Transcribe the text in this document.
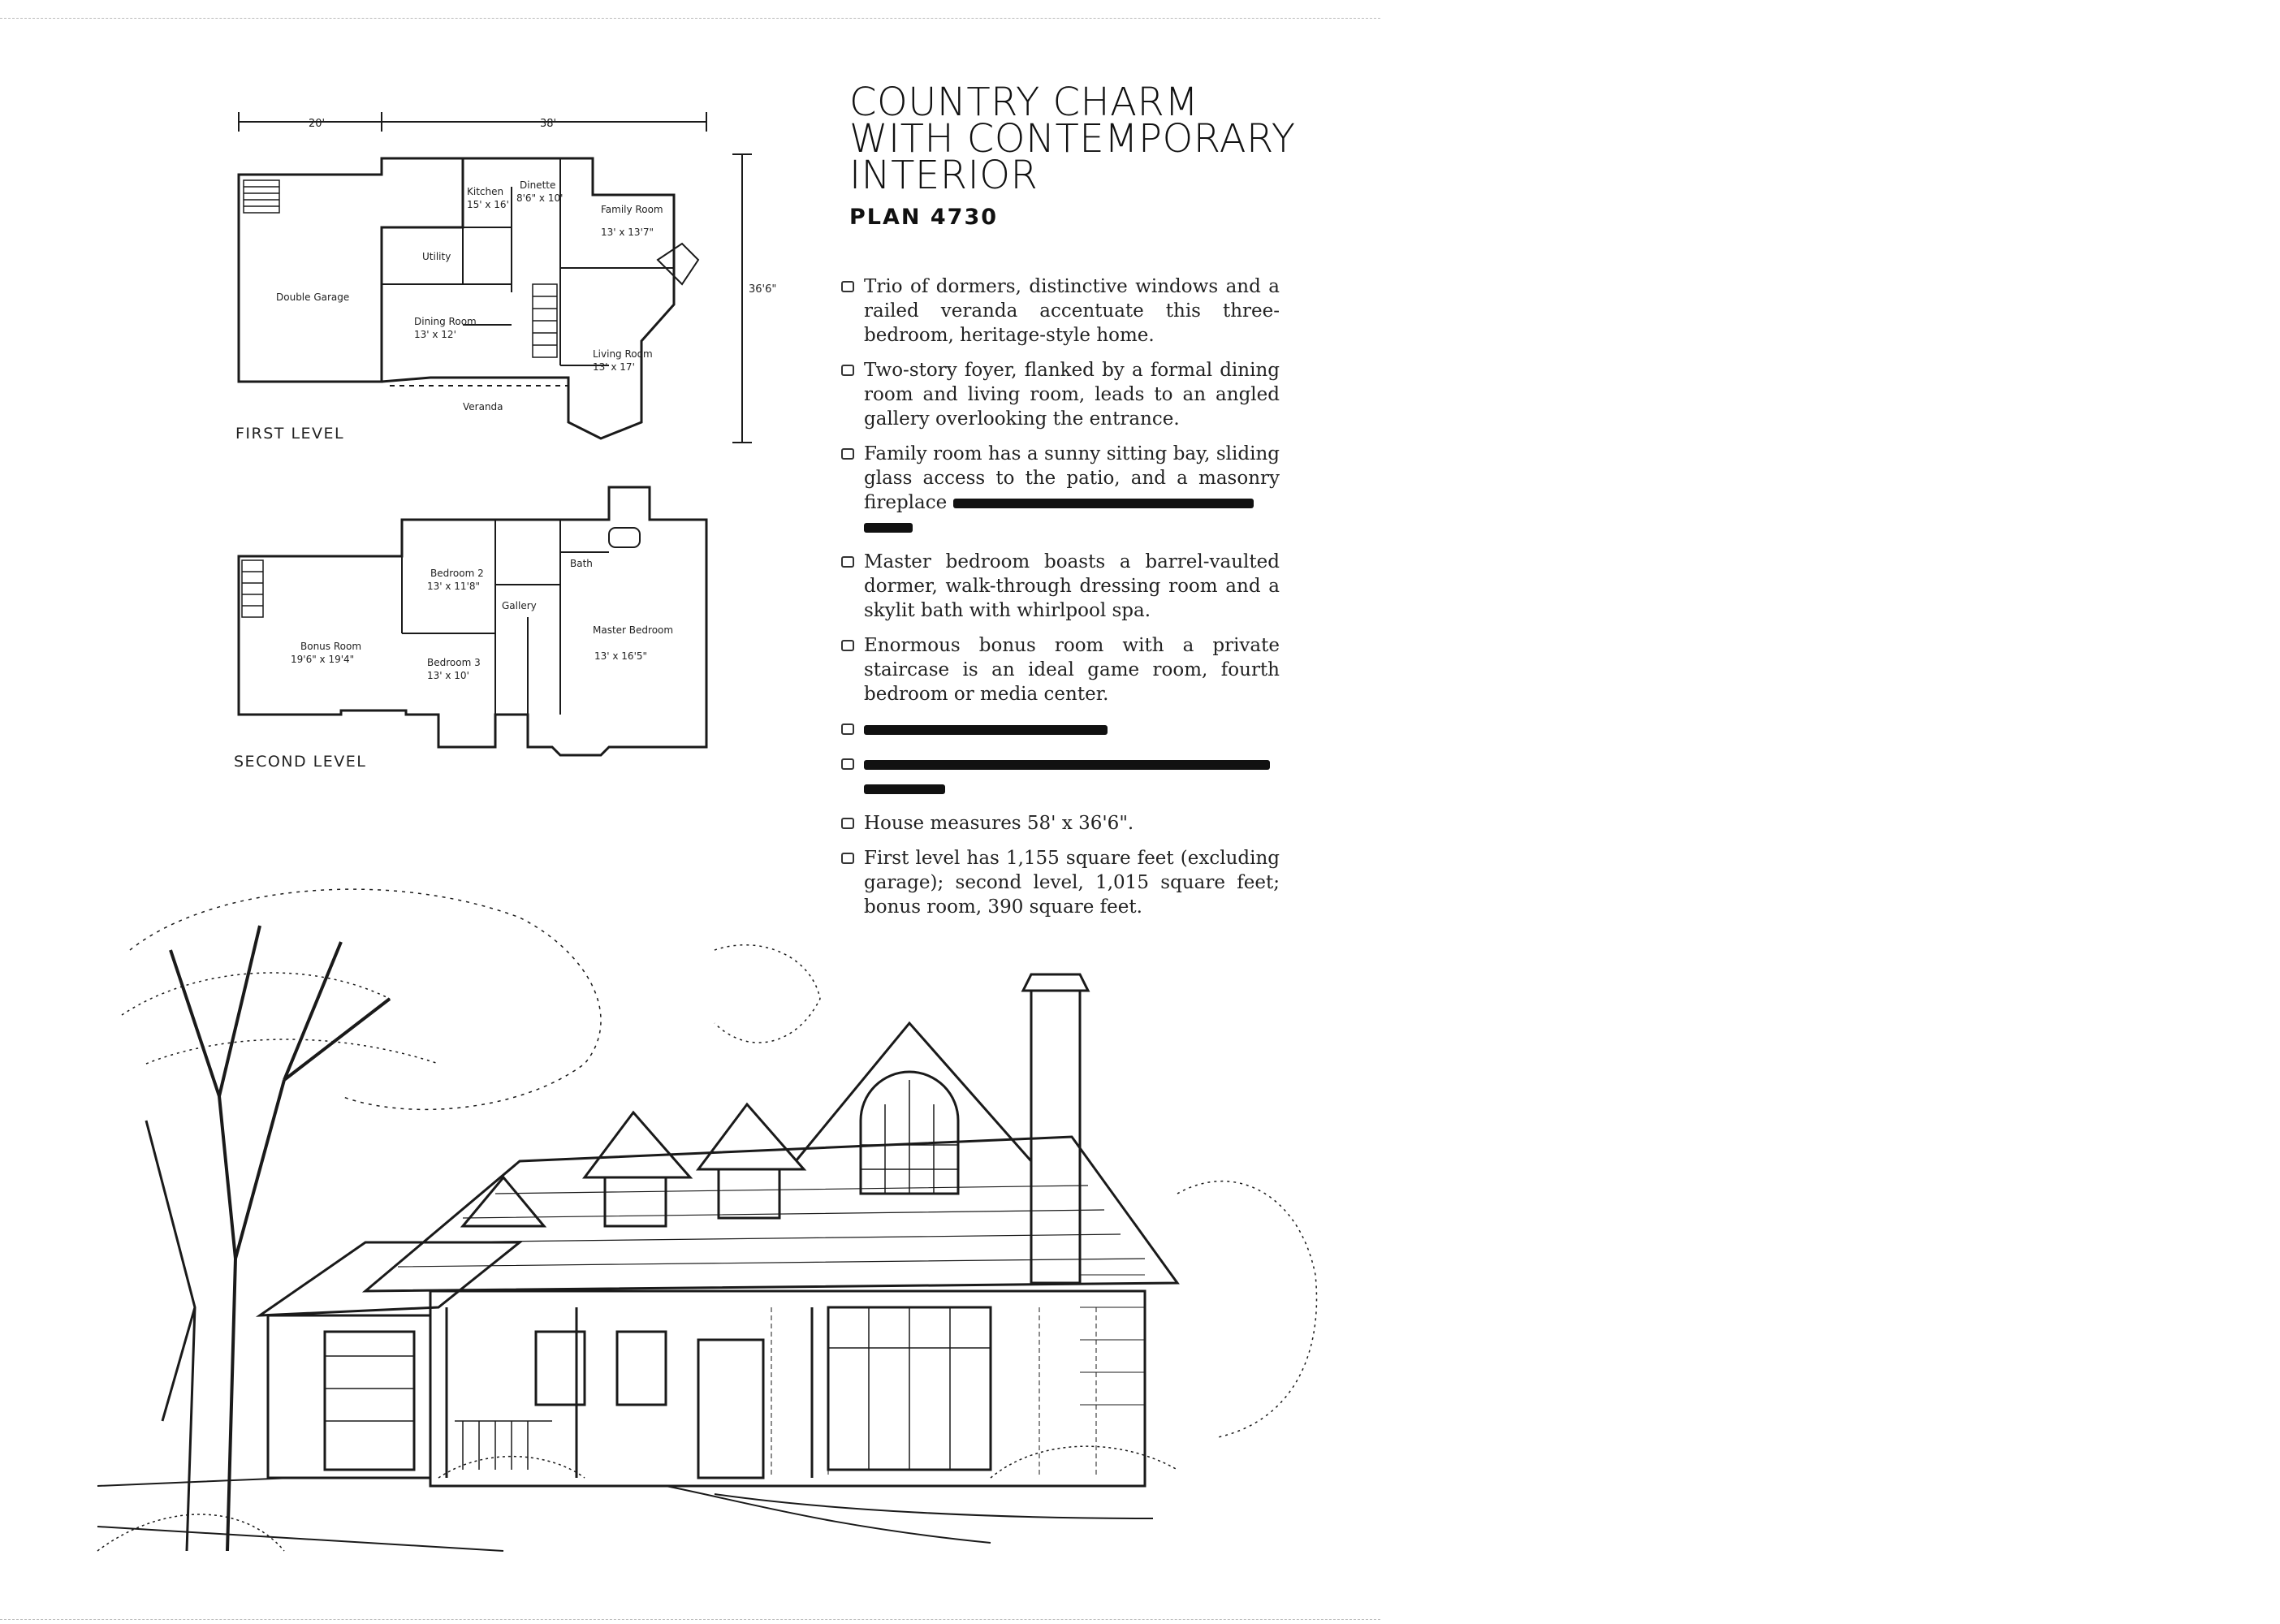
20'	38'
36'6"
Double Garage
Kitchen
15' x 16'
Utility
Dinette
8'6" x 10'
Family Room
13' x 13'7"
Dining Room
13' x 12'
Living Room
13' x 17'
Veranda
Bonus Room
19'6" x 19'4"
Bedroom 2
13' x 11'8"
Bedroom 3
13' x 10'
Gallery
Bath
Master Bedroom
13' x 16'5"
FIRST LEVEL
SECOND LEVEL
COUNTRY CHARM
WITH CONTEMPORARY
INTERIOR
PLAN 4730
Trio of dormers, distinctive windows and a railed veranda accentuate this three-bedroom, heritage-style home.
Two-story foyer, flanked by a formal dining room and living room, leads to an angled gallery overlooking the entrance.
Family room has a sunny sitting bay, sliding glass access to the patio, and a masonry fireplace

Master bedroom boasts a barrel-vaulted dormer, walk-through dressing room and a skylit bath with whirlpool spa.
Enormous bonus room with a private staircase is an ideal game room, fourth bedroom or media center.

House measures 58' x 36'6".
First level has 1,155 square feet (excluding garage); second level, 1,015 square feet; bonus room, 390 square feet.
